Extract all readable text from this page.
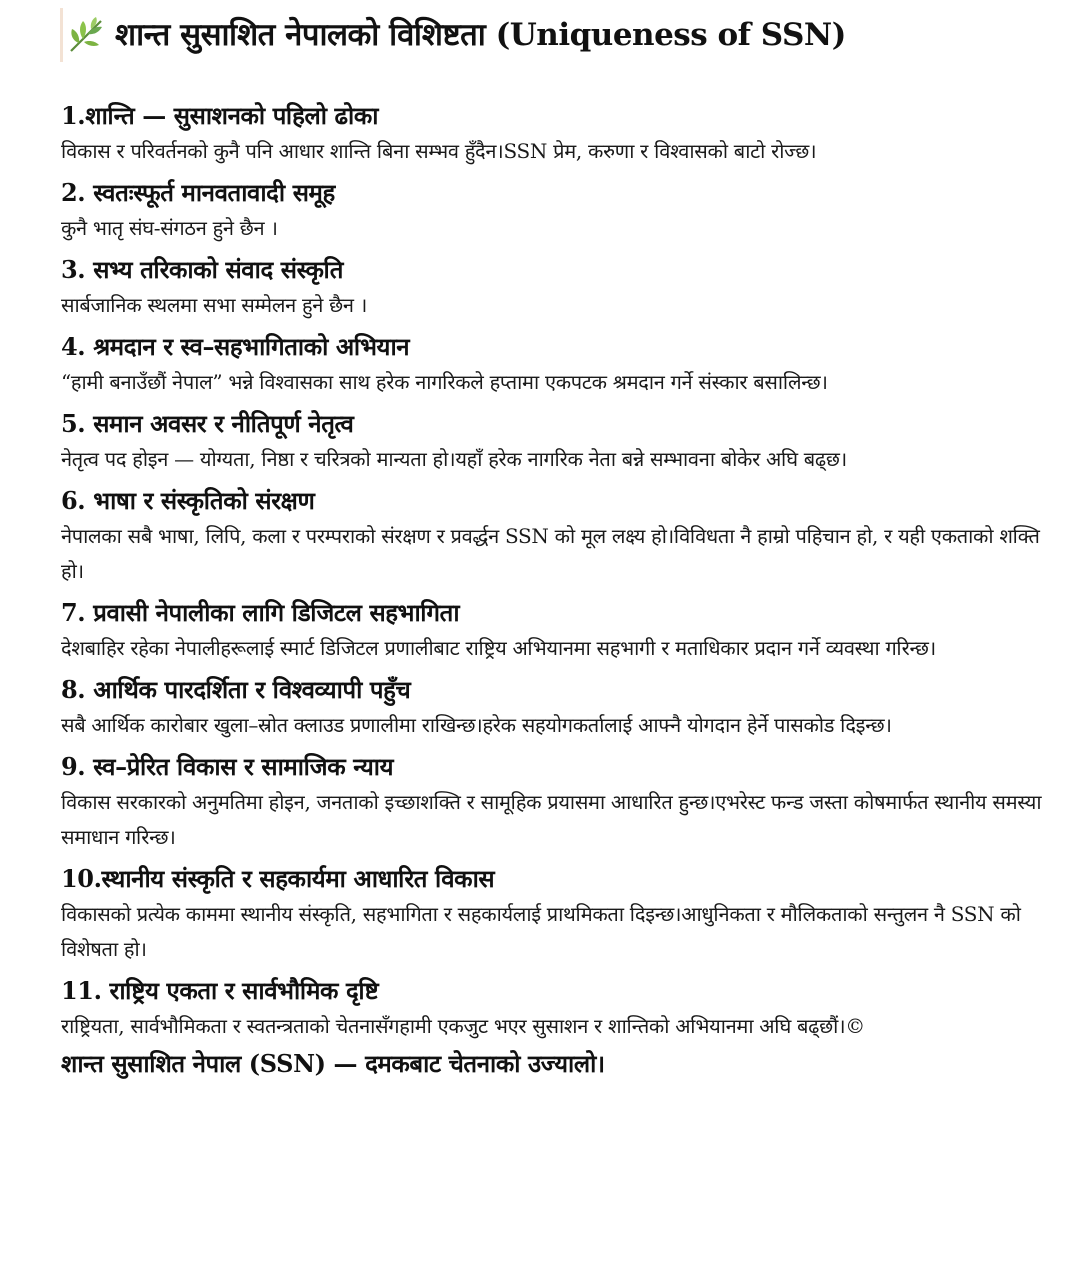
शान्त सुसाशित नेपालको विशिष्टता (Uniqueness of SSN)
1.शान्ति — सुसाशनको पहिलो ढोका
विकास र परिवर्तनको कुनै पनि आधार शान्ति बिना सम्भव हुँदैन।SSN प्रेम, करुणा र विश्वासको बाटो रोज्छ।
2. स्वतःस्फूर्त मानवतावादी समूह
कुनै भातृ संघ-संगठन हुने छैन ।
3. सभ्य तरिकाको संवाद संस्कृति
सार्बजानिक स्थलमा सभा सम्मेलन हुने छैन ।
4. श्रमदान र स्व–सहभागिताको अभियान
“हामी बनाउँछौं नेपाल” भन्ने विश्वासका साथ हरेक नागरिकले हप्तामा एकपटक श्रमदान गर्ने संस्कार बसालिन्छ।
5. समान अवसर र नीतिपूर्ण नेतृत्व
नेतृत्व पद होइन — योग्यता, निष्ठा र चरित्रको मान्यता हो।यहाँ हरेक नागरिक नेता बन्ने सम्भावना बोकेर अघि बढ्छ।
6. भाषा र संस्कृतिको संरक्षण
नेपालका सबै भाषा, लिपि, कला र परम्पराको संरक्षण र प्रवर्द्धन SSN को मूल लक्ष्य हो।विविधता नै हाम्रो पहिचान हो, र यही एकताको शक्ति हो।
7. प्रवासी नेपालीका लागि डिजिटल सहभागिता
देशबाहिर रहेका नेपालीहरूलाई स्मार्ट डिजिटल प्रणालीबाट राष्ट्रिय अभियानमा सहभागी र मताधिकार प्रदान गर्ने व्यवस्था गरिन्छ।
8. आर्थिक पारदर्शिता र विश्वव्यापी पहुँच
सबै आर्थिक कारोबार खुला–स्रोत क्लाउड प्रणालीमा राखिन्छ।हरेक सहयोगकर्तालाई आफ्नै योगदान हेर्ने पासकोड दिइन्छ।
9. स्व–प्रेरित विकास र सामाजिक न्याय
विकास सरकारको अनुमतिमा होइन, जनताको इच्छाशक्ति र सामूहिक प्रयासमा आधारित हुन्छ।एभरेस्ट फन्ड जस्ता कोषमार्फत स्थानीय समस्या समाधान गरिन्छ।
10.स्थानीय संस्कृति र सहकार्यमा आधारित विकास
विकासको प्रत्येक काममा स्थानीय संस्कृति, सहभागिता र सहकार्यलाई प्राथमिकता दिइन्छ।आधुनिकता र मौलिकताको सन्तुलन नै SSN को विशेषता हो।
11. राष्ट्रिय एकता र सार्वभौमिक दृष्टि
राष्ट्रियता, सार्वभौमिकता र स्वतन्त्रताको चेतनासँगहामी एकजुट भएर सुसाशन र शान्तिको अभियानमा अघि बढ्छौं।©
शान्त सुसाशित नेपाल (SSN) — दमकबाट चेतनाको उज्यालो।
